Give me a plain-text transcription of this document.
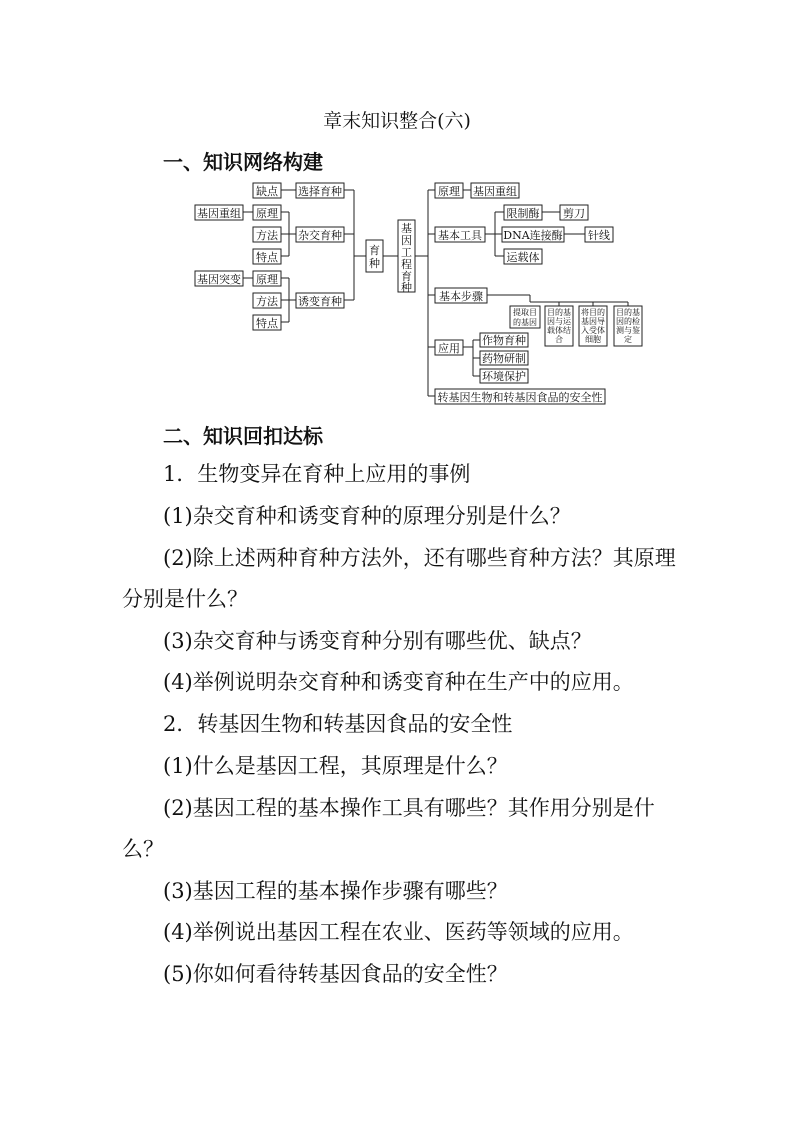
章末知识整合(六)
一、知识网络构建
缺点 选择育种
基因重组 原理
方法 杂交育种
特点
基因突变 原理
方法 诱变育种
特点
育
种
基
因
工
程
育
种
原理 基因重组
基本工具
限制酶 剪刀
DNA连接酶 针线
运载体
基本步骤
提取目
的基因
目的基
因与运
载体结
合
将目的
基因导
入受体
细胞
目的基
因的检
测与鉴
定
应用
作物育种
药物研制
环境保护
转基因生物和转基因食品的安全性
二、知识回扣达标
1．生物变异在育种上应用的事例
(1)杂交育种和诱变育种的原理分别是什么？
(2)除上述两种育种方法外，还有哪些育种方法？其原理
分别是什么？
(3)杂交育种与诱变育种分别有哪些优、缺点？
(4)举例说明杂交育种和诱变育种在生产中的应用。
2．转基因生物和转基因食品的安全性
(1)什么是基因工程，其原理是什么？
(2)基因工程的基本操作工具有哪些？其作用分别是什
么？
(3)基因工程的基本操作步骤有哪些？
(4)举例说出基因工程在农业、医药等领域的应用。
(5)你如何看待转基因食品的安全性？
